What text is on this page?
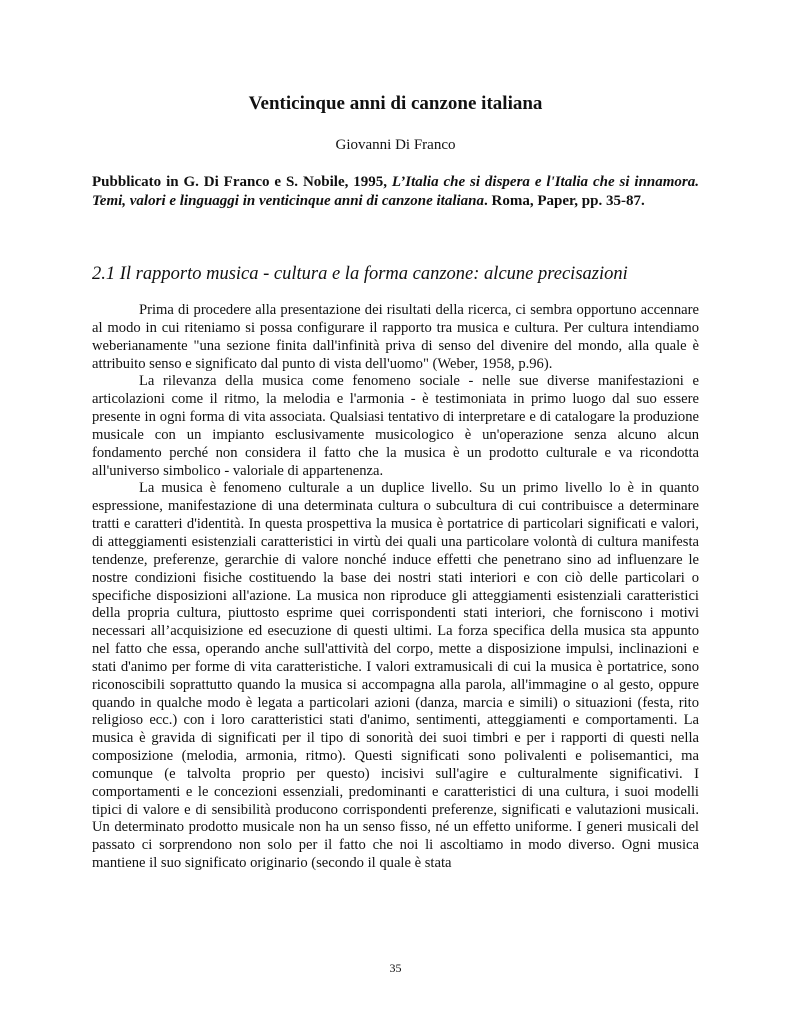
Venticinque anni di canzone italiana
Giovanni Di Franco
Pubblicato in G. Di Franco e S. Nobile, 1995, L’Italia che si dispera e l'Italia che si innamora. Temi, valori e linguaggi in venticinque anni di canzone italiana. Roma, Paper, pp. 35-87.
2.1 Il rapporto musica - cultura e la forma canzone: alcune precisazioni

Prima di procedere alla presentazione dei risultati della ricerca, ci sembra opportuno accennare al modo in cui riteniamo si possa configurare il rapporto tra musica e cultura. Per cultura intendiamo weberianamente "una sezione finita dall'infinità priva di senso del divenire del mondo, alla quale è attribuito senso e significato dal punto di vista dell'uomo" (Weber, 1958, p.96).

La rilevanza della musica come fenomeno sociale - nelle sue diverse manifestazioni e articolazioni come il ritmo, la melodia e l'armonia - è testimoniata in primo luogo dal suo essere presente in ogni forma di vita associata. Qualsiasi tentativo di interpretare e di catalogare la produzione musicale con un impianto esclusivamente musicologico è un'operazione senza alcuno alcun fondamento perché non considera il fatto che la musica è un prodotto culturale e va ricondotta all'universo simbolico - valoriale di appartenenza.

La musica è fenomeno culturale a un duplice livello. Su un primo livello lo è in quanto espressione, manifestazione di una determinata cultura o subcultura di cui contribuisce a determinare tratti e caratteri d'identità. In questa prospettiva la musica è portatrice di particolari significati e valori, di atteggiamenti esistenziali caratteristici in virtù dei quali una particolare volontà di cultura manifesta tendenze, preferenze, gerarchie di valore nonché induce effetti che penetrano sino ad influenzare le nostre condizioni fisiche costituendo la base dei nostri stati interiori e con ciò delle particolari o specifiche disposizioni all'azione. La musica non riproduce gli atteggiamenti esistenziali caratteristici della propria cultura, piuttosto esprime quei corrispondenti stati interiori, che forniscono i motivi necessari all’acquisizione ed esecuzione di questi ultimi. La forza specifica della musica sta appunto nel fatto che essa, operando anche sull'attività del corpo, mette a disposizione impulsi, inclinazioni e stati d'animo per forme di vita caratteristiche. I valori extramusicali di cui la musica è portatrice, sono riconoscibili soprattutto quando la musica si accompagna alla parola, all'immagine o al gesto, oppure quando in qualche modo è legata a particolari azioni (danza, marcia e simili) o situazioni (festa, rito religioso ecc.) con i loro caratteristici stati d'animo, sentimenti, atteggiamenti e comportamenti. La musica è gravida di significati per il tipo di sonorità dei suoi timbri e per i rapporti di questi nella composizione (melodia, armonia, ritmo). Questi significati sono polivalenti e polisemantici, ma comunque (e talvolta proprio per questo) incisivi sull'agire e culturalmente significativi. I comportamenti e le concezioni essenziali, predominanti e caratteristici di una cultura, i suoi modelli tipici di valore e di sensibilità producono corrispondenti preferenze, significati e valutazioni musicali. Un determinato prodotto musicale non ha un senso fisso, né un effetto uniforme. I generi musicali del passato ci sorprendono non solo per il fatto che noi li ascoltiamo in modo diverso. Ogni musica mantiene il suo significato originario (secondo il quale è stata

35
